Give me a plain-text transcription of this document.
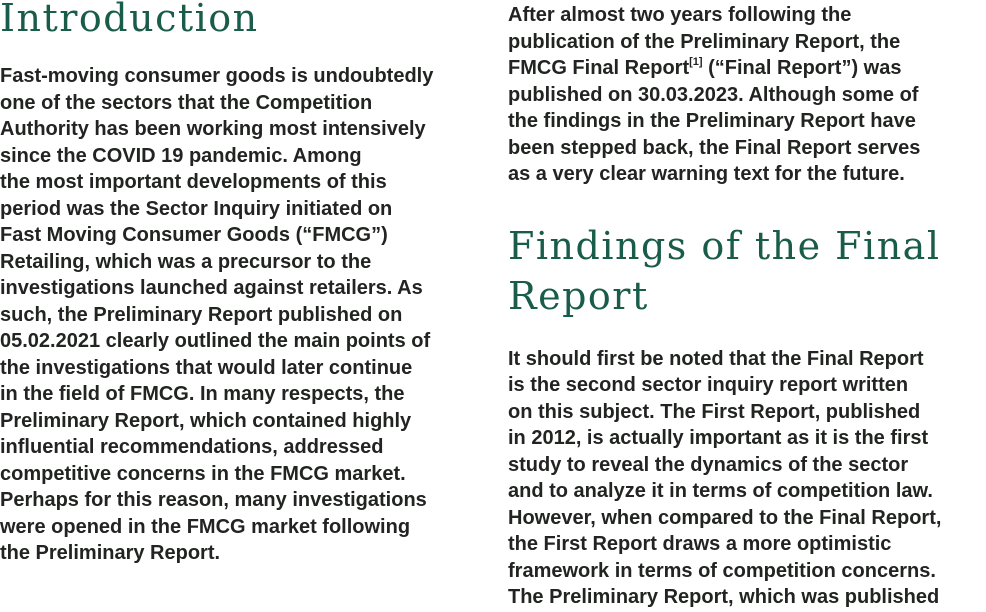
Introduction
Fast-moving consumer goods is undoubtedly
one of the sectors that the Competition
Authority has been working most intensively
since the COVID 19 pandemic. Among
the most important developments of this
period was the Sector Inquiry initiated on
Fast Moving Consumer Goods (“FMCG”)
Retailing, which was a precursor to the
investigations launched against retailers. As
such, the Preliminary Report published on
05.02.2021 clearly outlined the main points of
the investigations that would later continue
in the field of FMCG. In many respects, the
Preliminary Report, which contained highly
influential recommendations, addressed
competitive concerns in the FMCG market.
Perhaps for this reason, many investigations
were opened in the FMCG market following
the Preliminary Report.
After almost two years following the
publication of the Preliminary Report, the
FMCG Final Report[1] (“Final Report”) was
published on 30.03.2023. Although some of
the findings in the Preliminary Report have
been stepped back, the Final Report serves
as a very clear warning text for the future.
Findings of the Final Report
It should first be noted that the Final Report
is the second sector inquiry report written
on this subject. The First Report, published
in 2012, is actually important as it is the first
study to reveal the dynamics of the sector
and to analyze it in terms of competition law.
However, when compared to the Final Report,
the First Report draws a more optimistic
framework in terms of competition concerns.
The Preliminary Report, which was published
